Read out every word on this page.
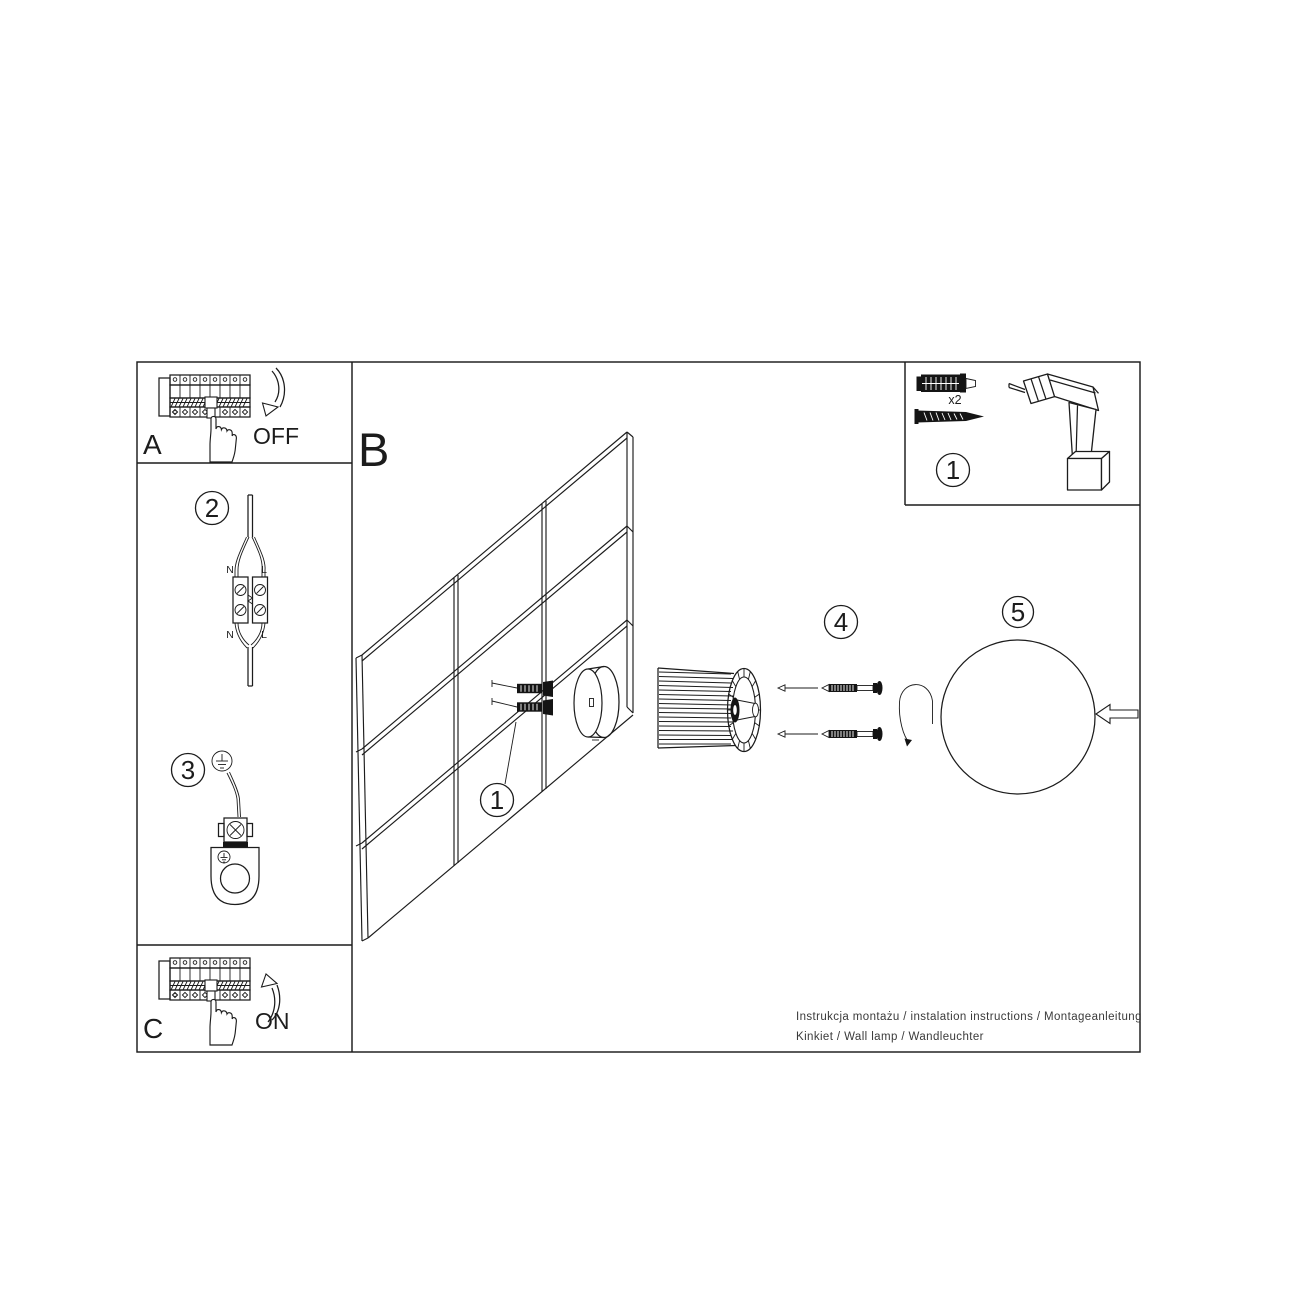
A	OFF
2
N	L
N	L
3
C	ON
B
1
4	5
x2
1
Instrukcja montażu / instalation instructions / Montageanleitung
Kinkiet / Wall lamp / Wandleuchter
